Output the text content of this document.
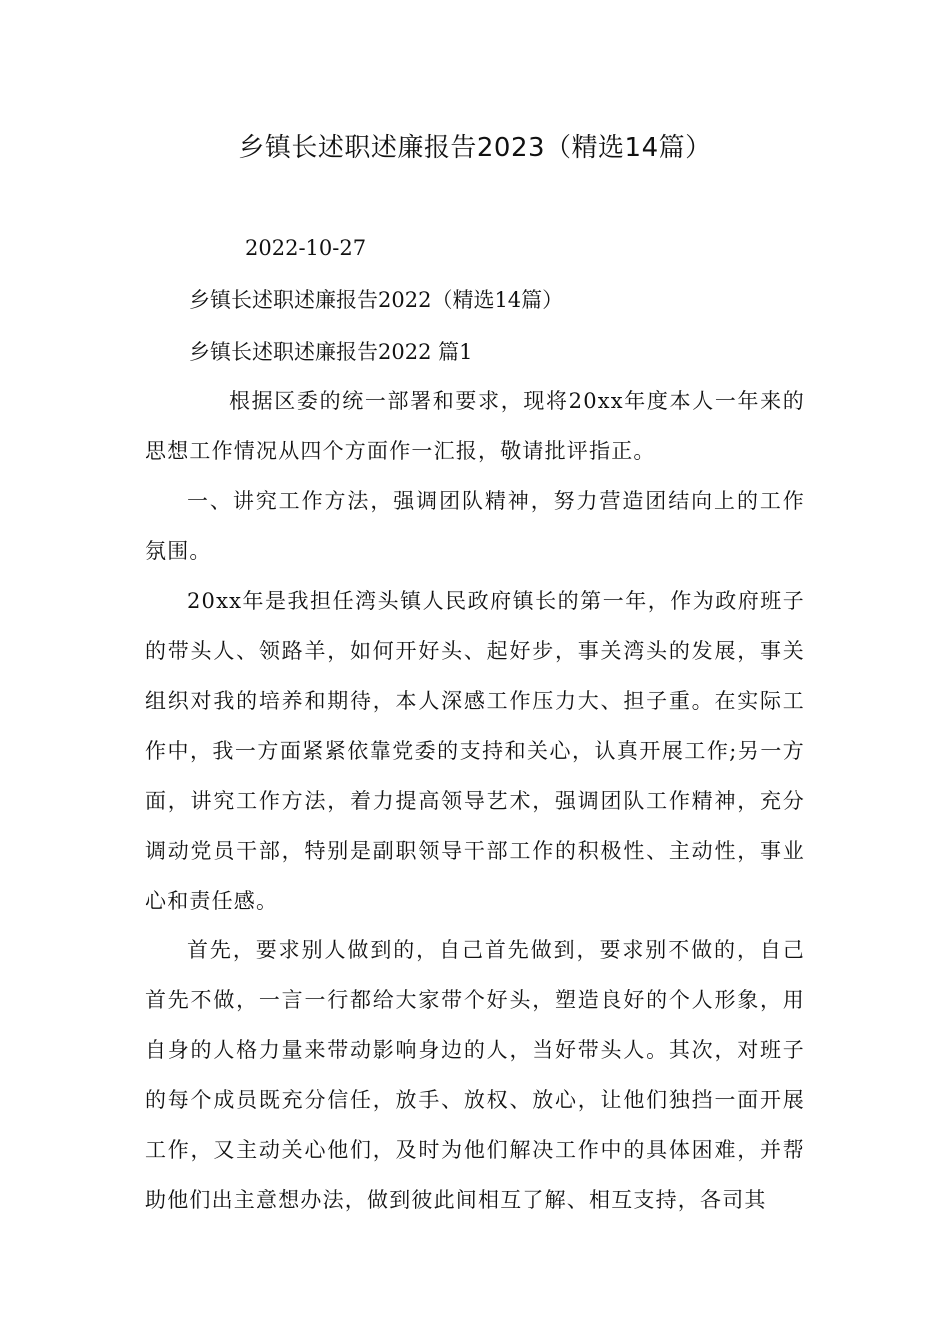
乡镇长述职述廉报告2023（精选14篇）
2022-10-27
乡镇长述职述廉报告2022（精选14篇）
乡镇长述职述廉报告2022 篇1

根据区委的统一部署和要求，现将20xx年度本人一年来的思想工作情况从四个方面作一汇报，敬请批评指正。

一、讲究工作方法，强调团队精神，努力营造团结向上的工作氛围。

20xx年是我担任湾头镇人民政府镇长的第一年，作为政府班子的带头人、领路羊，如何开好头、起好步，事关湾头的发展，事关组织对我的培养和期待，本人深感工作压力大、担子重。在实际工作中，我一方面紧紧依靠党委的支持和关心，认真开展工作;另一方面，讲究工作方法，着力提高领导艺术，强调团队工作精神，充分调动党员干部，特别是副职领导干部工作的积极性、主动性，事业心和责任感。

首先，要求别人做到的，自己首先做到，要求别不做的，自己首先不做，一言一行都给大家带个好头，塑造良好的个人形象，用自身的人格力量来带动影响身边的人，当好带头人。其次，对班子的每个成员既充分信任，放手、放权、放心，让他们独挡一面开展工作，又主动关心他们，及时为他们解决工作中的具体困难，并帮助他们出主意想办法，做到彼此间相互了解、相互支持，各司其
